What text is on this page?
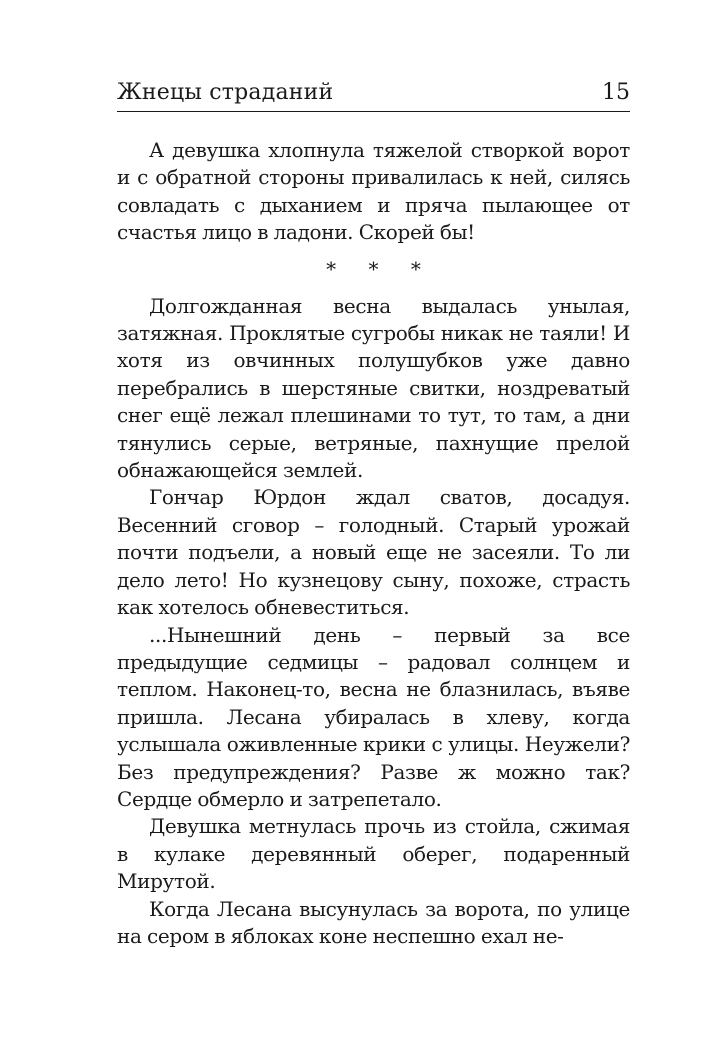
Жнецы страданий	15

А девушка хлопнула тяжелой створкой ворот и с обратной стороны привалилась к ней, силясь совладать с дыханием и пряча пылающее от счастья лицо в ладони. Скорей бы!

* * *

Долгожданная весна выдалась унылая, затяжная. Проклятые сугробы никак не таяли! И хотя из овчинных полушубков уже давно перебрались в шерстяные свитки, ноздреватый снег ещё лежал плешинами то тут, то там, а дни тянулись серые, ветряные, пахнущие прелой обнажающейся землей.

Гончар Юрдон ждал сватов, досадуя. Весенний сговор – голодный. Старый урожай почти подъели, а новый еще не засеяли. То ли дело лето! Но кузнецову сыну, похоже, страсть как хотелось обневеститься.

...Нынешний день – первый за все предыдущие седмицы – радовал солнцем и теплом. Наконец-то, весна не блазнилась, въяве пришла. Лесана убиралась в хлеву, когда услышала оживленные крики с улицы. Неужели? Без предупреждения? Разве ж можно так? Сердце обмерло и затрепетало.

Девушка метнулась прочь из стойла, сжимая в кулаке деревянный оберег, подаренный Мирутой.

Когда Лесана высунулась за ворота, по улице на сером в яблоках коне неспешно ехал не-
